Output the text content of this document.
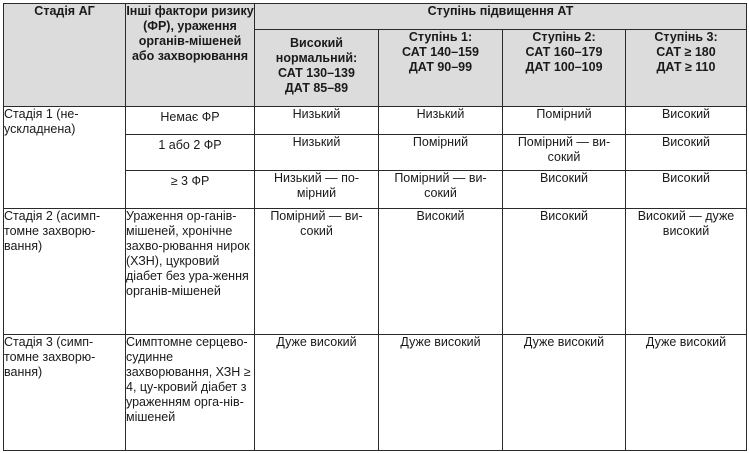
Стадія АГ	Інші фактори ризику (ФР), ураження органів-мішеней або захворювання	Ступінь підвищення АТ			

		Високий
нормальний:
САТ 130–139
ДАТ 85–89	Ступінь 1:
САТ 140–159
ДАТ 90–99	Ступінь 2:
САТ 160–179
ДАТ 100–109	Ступінь 3:
САТ ≥ 180
ДАТ ≥ 110

Стадія 1 (не-ускладнена)	Немає ФР	Низький	Низький	Помірний	Високий
	1 або 2 ФР	Низький	Помірний	Помірний — ви-сокий	Високий
	≥ 3 ФР	Низький — по-мірний	Помірний — ви-сокий	Високий	Високий
Стадія 2 (асимп-томне захворю-вання)	Ураження ор-ганів-мішеней, хронічне захво-рювання нирок (ХЗН), цукровий діабет без ура-ження органів-мішеней	Помірний — ви-сокий	Високий	Високий	Високий — дуже високий
Стадія 3 (симп-томне захворю-вання)	Симптомне серцево-судинне захворювання, ХЗН ≥ 4, цу-кровий діабет з ураженням орга-нів-мішеней	Дуже високий	Дуже високий	Дуже високий	Дуже високий
